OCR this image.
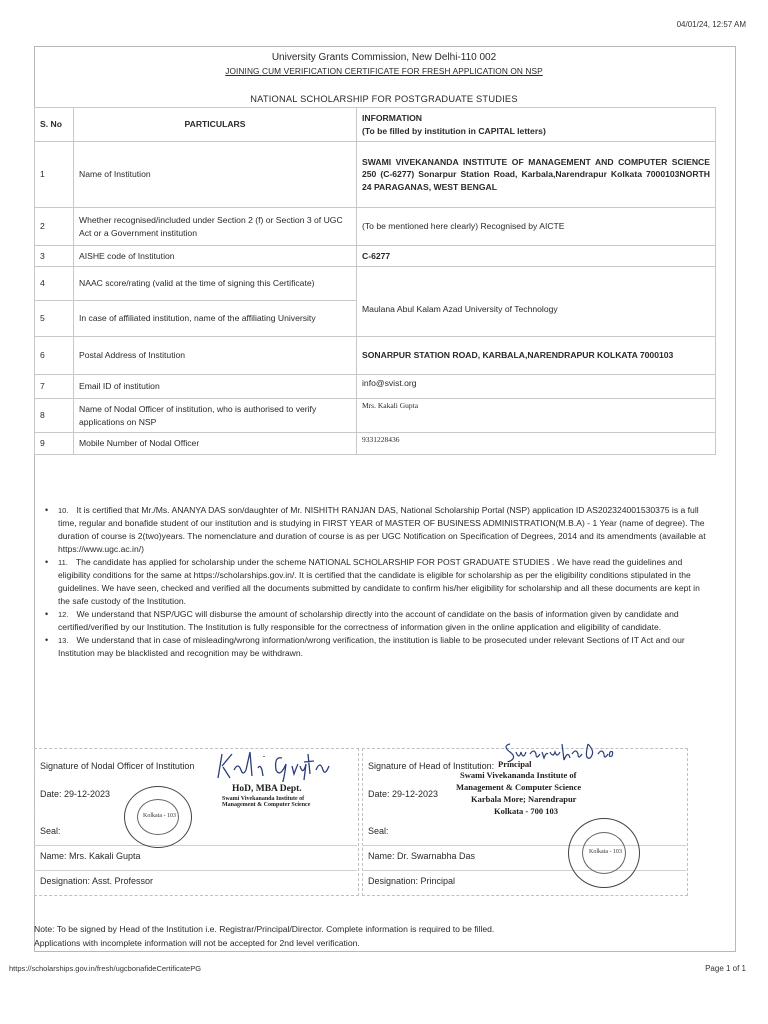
04/01/24, 12:57 AM
University Grants Commission, New Delhi-110 002
JOINING CUM VERIFICATION CERTIFICATE FOR FRESH APPLICATION ON NSP
NATIONAL SCHOLARSHIP FOR POSTGRADUATE STUDIES
S. No	PARTICULARS	INFORMATION
(To be filled by institution in CAPITAL letters)

1	Name of Institution	SWAMI VIVEKANANDA INSTITUTE OF MANAGEMENT AND COMPUTER SCIENCE 250 (C-6277) Sonarpur Station Road, Karbala,Narendrapur Kolkata 7000103NORTH 24 PARAGANAS, WEST BENGAL
2	Whether recognised/included under Section 2 (f) or Section 3 of UGC Act or a Government institution	(To be mentioned here clearly) Recognised by AICTE
3	AISHE code of Institution	C-6277
4	NAAC score/rating (valid at the time of signing this Certificate)	
5	In case of affiliated institution, name of the affiliating University	Maulana Abul Kalam Azad University of Technology
6	Postal Address of Institution	SONARPUR STATION ROAD, KARBALA,NARENDRAPUR KOLKATA 7000103
7	Email ID of institution	info@svist.org
8	Name of Nodal Officer of institution, who is authorised to verify applications on NSP	Mrs. Kakali Gupta
9	Mobile Number of Nodal Officer	9331228436
• 10. It is certified that Mr./Ms. ANANYA DAS son/daughter of Mr. NISHITH RANJAN DAS, National Scholarship Portal (NSP) application ID AS202324001530375 is a full time, regular and bonafide student of our institution and is studying in FIRST YEAR of MASTER OF BUSINESS ADMINISTRATION(M.B.A) - 1 Year (name of degree). The duration of course is 2(two)years. The nomenclature and duration of course is as per UGC Notification on Specification of Degrees, 2014 and its amendments (available at https://www.ugc.ac.in/)
• 11. The candidate has applied for scholarship under the scheme NATIONAL SCHOLARSHIP FOR POST GRADUATE STUDIES . We have read the guidelines and eligibility conditions for the same at https://scholarships.gov.in/. It is certified that the candidate is eligible for scholarship as per the eligibility conditions stipulated in the guidelines. We have seen, checked and verified all the documents submitted by candidate to confirm his/her eligibility for scholarship and all these documents are kept in the safe custody of the Institution.
• 12. We understand that NSP/UGC will disburse the amount of scholarship directly into the account of candidate on the basis of information given by candidate and certified/verified by our Institution. The Institution is fully responsible for the correctness of information given in the online application and eligibility of candidate.
• 13. We understand that in case of misleading/wrong information/wrong verification, the institution is liable to be prosecuted under relevant Sections of IT Act and our Institution may be blacklisted and recognition may be withdrawn.
Signature of Nodal Officer of Institution
HoD, MBA Dept.
Swami Vivekananda Institute of
Management & Computer Science
Date: 29-12-2023
Seal:
Kolkata - 103
Name: Mrs. Kakali Gupta
Designation: Asst. Professor
Signature of Head of Institution: Principal
Swami Vivekananda Institute of
Management & Computer Science
Karbala More; Narendrapur
Kolkata - 700 103
Date: 29-12-2023
Seal:
Kolkata - 103
Name: Dr. Swarnabha Das
Designation: Principal
Note: To be signed by Head of the Institution i.e. Registrar/Principal/Director. Complete information is required to be filled.
Applications with incomplete information will not be accepted for 2nd level verification.
https://scholarships.gov.in/fresh/ugcbonafideCertificatePG	Page 1 of 1
